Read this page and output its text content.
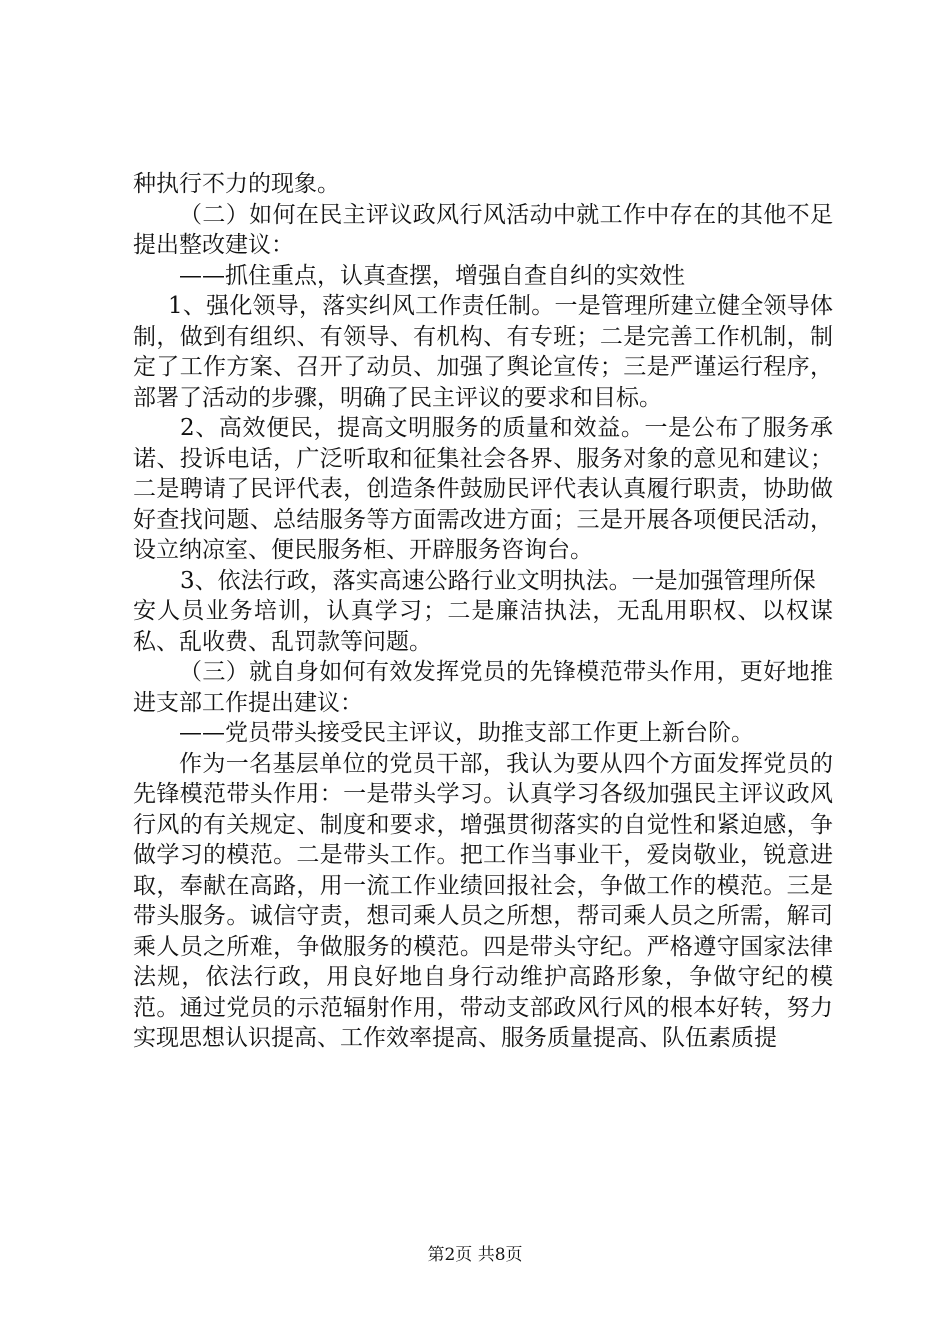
种执行不力的现象。

（二）如何在民主评议政风行风活动中就工作中存在的其他不足提出整改建议：

——抓住重点，认真查摆，增强自查自纠的实效性

1、强化领导，落实纠风工作责任制。一是管理所建立健全领导体制，做到有组织、有领导、有机构、有专班；二是完善工作机制，制定了工作方案、召开了动员、加强了舆论宣传；三是严谨运行程序，部署了活动的步骤，明确了民主评议的要求和目标。

2、高效便民，提高文明服务的质量和效益。一是公布了服务承诺、投诉电话，广泛听取和征集社会各界、服务对象的意见和建议；二是聘请了民评代表，创造条件鼓励民评代表认真履行职责，协助做好查找问题、总结服务等方面需改进方面；三是开展各项便民活动，设立纳凉室、便民服务柜、开辟服务咨询台。

3、依法行政，落实高速公路行业文明执法。一是加强管理所保

安人员业务培训，认真学习；二是廉洁执法，无乱用职权、以权谋私、乱收费、乱罚款等问题。

（三）就自身如何有效发挥党员的先锋模范带头作用，更好地推进支部工作提出建议：

——党员带头接受民主评议，助推支部工作更上新台阶。

作为一名基层单位的党员干部，我认为要从四个方面发挥党员的先锋模范带头作用：一是带头学习。认真学习各级加强民主评议政风行风的有关规定、制度和要求，增强贯彻落实的自觉性和紧迫感，争做学习的模范。二是带头工作。把工作当事业干，爱岗敬业，锐意进取，奉献在高路，用一流工作业绩回报社会，争做工作的模范。三是带头服务。诚信守责，想司乘人员之所想，帮司乘人员之所需，解司乘人员之所难，争做服务的模范。四是带头守纪。严格遵守国家法律法规，依法行政，用良好地自身行动维护高路形象，争做守纪的模范。通过党员的示范辐射作用，带动支部政风行风的根本好转，努力实现思想认识提高、工作效率提高、服务质量提高、队伍素质提

第2页 共8页
